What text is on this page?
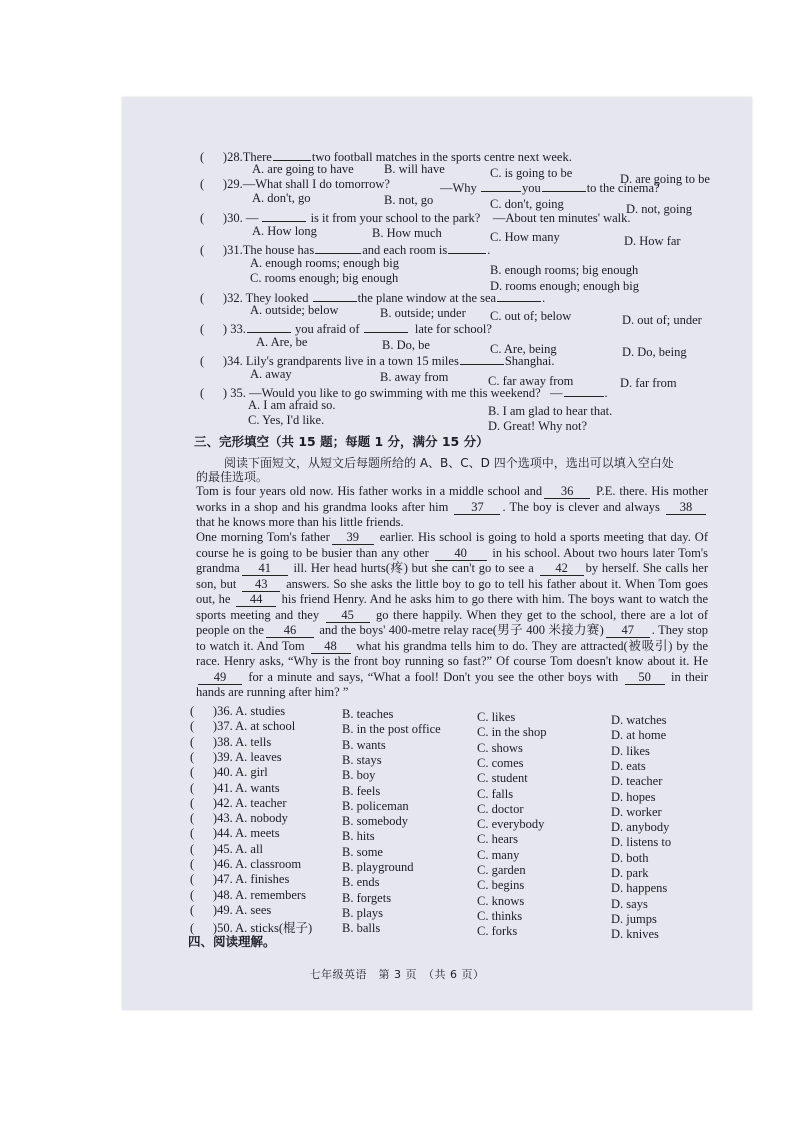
(      )28.There	two football matches in the sports centre next week.
A. are going to have B. will have	C. is going to be	D. are going to be
(      )29.—What shall I do tomorrow?	—Why	you	to the cinema?
A. don't, go	B. not, go	C. don't, going	D. not, going
(      )30. —	is it from your school to the park?    —About ten minutes' walk.
A. How long	B. How much	C. How many	D. How far
(      )31.The house has	and each room is	.
A. enough rooms; enough big	B. enough rooms; big enough
C. rooms enough; big enough
D. rooms enough; enough big
(      )32. They looked	the plane window at the sea	.
A. outside; below	B. outside; under C. out of; below	D. out of; under
(      ) 33.	you afraid of	late for school?
A. Are, be	B. Do, be	C. Are, being	D. Do, being
(      )34. Lily's grandparents live in a town 15 miles	Shanghai.
A. away	B. away from	C. far away from	D. far from
(      ) 35. —Would you like to go swimming with me this weekend?   —	.
A. I am afraid so.	B. I am glad to hear that.
C. Yes, I'd like.	D. Great! Why not?
三、完形填空（共 15 题；每题 1 分，满分 15 分）
阅读下面短文，从短文后每题所给的 A、B、C、D 四个选项中，选出可以填入空白处
的最佳选项。
Tom is four years old now. His father works in a middle school and 36 P.E. there. His mother works in a shop and his grandma looks after him 37 . The boy is clever and always 38that he knows more than his little friends.
One morning Tom's father 39 earlier. His school is going to hold a sports meeting that day. Of course he is going to be busier than any other 40 in his school. About two hours later Tom's grandma 41 ill. Her head hurts(疼) but she can't go to see a 42 by herself. She calls her son, but 43 answers. So she asks the little boy to go to tell his father about it. When Tom goes out, he 44 his friend Henry. And he asks him to go there with him. The boys want to watch the sports meeting and they 45 go there happily. When they get to the school, there are a lot of people on the 46 and the boys' 400-metre relay race(男子 400 米接力赛) 47 . They stop to watch it. And Tom 48 what his grandma tells him to do. They are attracted(被吸引) by the race. Henry asks, “Why is the front boy running so fast?” Of course Tom doesn't know about it. He 49 for a minute and says, “What a fool! Don't you see the other boys with 50 in their hands are running after him? ”
(      )36. A. studies	B. teaches	C. likes	D. watches
(      )37. A. at school	B. in the post office	C. in the shop	D. at home
(      )38. A. tells	B. wants	C. shows	D. likes
(      )39. A. leaves	B. stays	C. comes	D. eats
(      )40. A. girl	B. boy	C. student	D. teacher
(      )41. A. wants	B. feels	C. falls	D. hopes
(      )42. A. teacher	B. policeman	C. doctor	D. worker
(      )43. A. nobody	B. somebody	C. everybody	D. anybody
(      )44. A. meets	B. hits	C. hears	D. listens to
(      )45. A. all	B. some	C. many	D. both
(      )46. A. classroom	B. playground	C. garden	D. park
(      )47. A. finishes	B. ends	C. begins	D. happens
(      )48. A. remembers	B. forgets	C. knows	D. says
(      )49. A. sees	B. plays	C. thinks	D. jumps
(      )50. A. sticks(棍子) B. balls	C. forks	D. knives
四、阅读理解。
七年级英语　第 3 页　（共 6 页）
